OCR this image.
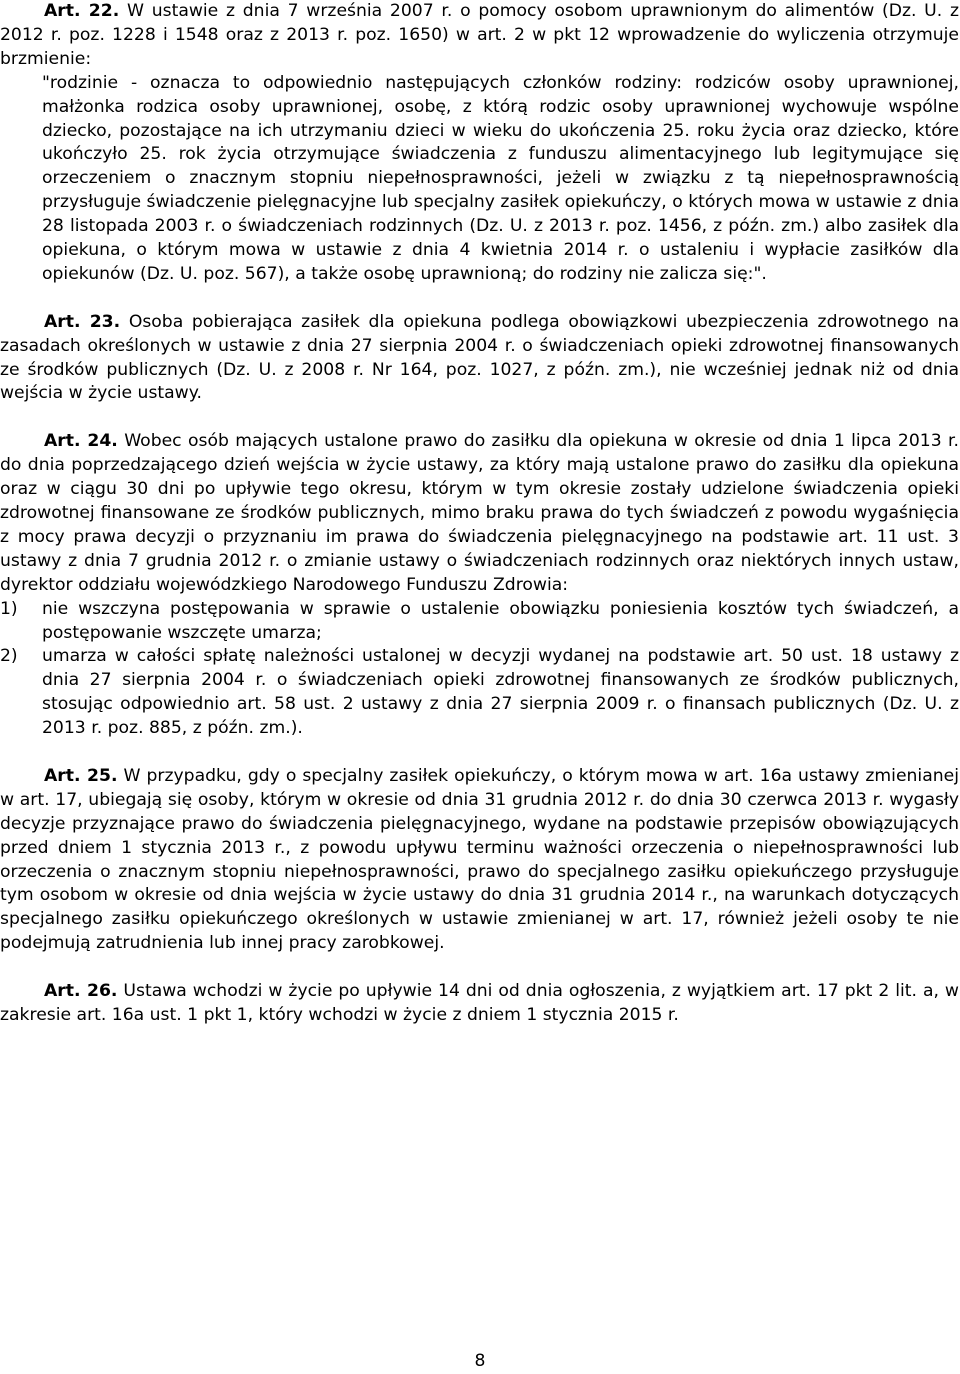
Art. 22. W ustawie z dnia 7 września 2007 r. o pomocy osobom uprawnionym do alimentów (Dz. U. z 2012 r. poz. 1228 i 1548 oraz z 2013 r. poz. 1650) w art. 2 w pkt 12 wprowadzenie do wyliczenia otrzymuje brzmienie:

"rodzinie - oznacza to odpowiednio następujących członków rodziny: rodziców osoby uprawnionej, małżonka rodzica osoby uprawnionej, osobę, z którą rodzic osoby uprawnionej wychowuje wspólne dziecko, pozostające na ich utrzymaniu dzieci w wieku do ukończenia 25. roku życia oraz dziecko, które ukończyło 25. rok życia otrzymujące świadczenia z funduszu alimentacyjnego lub legitymujące się orzeczeniem o znacznym stopniu niepełnosprawności, jeżeli w związku z tą niepełnosprawnością przysługuje świadczenie pielęgnacyjne lub specjalny zasiłek opiekuńczy, o których mowa w ustawie z dnia 28 listopada 2003 r. o świadczeniach rodzinnych (Dz. U. z 2013 r. poz. 1456, z późn. zm.) albo zasiłek dla opiekuna, o którym mowa w ustawie z dnia 4 kwietnia 2014 r. o ustaleniu i wypłacie zasiłków dla opiekunów (Dz. U. poz. 567), a także osobę uprawnioną; do rodziny nie zalicza się:".

Art. 23. Osoba pobierająca zasiłek dla opiekuna podlega obowiązkowi ubezpieczenia zdrowotnego na zasadach określonych w ustawie z dnia 27 sierpnia 2004 r. o świadczeniach opieki zdrowotnej finansowanych ze środków publicznych (Dz. U. z 2008 r. Nr 164, poz. 1027, z późn. zm.), nie wcześniej jednak niż od dnia wejścia w życie ustawy.

Art. 24. Wobec osób mających ustalone prawo do zasiłku dla opiekuna w okresie od dnia 1 lipca 2013 r. do dnia poprzedzającego dzień wejścia w życie ustawy, za który mają ustalone prawo do zasiłku dla opiekuna oraz w ciągu 30 dni po upływie tego okresu, którym w tym okresie zostały udzielone świadczenia opieki zdrowotnej finansowane ze środków publicznych, mimo braku prawa do tych świadczeń z powodu wygaśnięcia z mocy prawa decyzji o przyznaniu im prawa do świadczenia pielęgnacyjnego na podstawie art. 11 ust. 3 ustawy z dnia 7 grudnia 2012 r. o zmianie ustawy o świadczeniach rodzinnych oraz niektórych innych ustaw, dyrektor oddziału wojewódzkiego Narodowego Funduszu Zdrowia:

1)	nie wszczyna postępowania w sprawie o ustalenie obowiązku poniesienia kosztów tych świadczeń, a postępowanie wszczęte umarza;
2)	umarza w całości spłatę należności ustalonej w decyzji wydanej na podstawie art. 50 ust. 18 ustawy z dnia 27 sierpnia 2004 r. o świadczeniach opieki zdrowotnej finansowanych ze środków publicznych, stosując odpowiednio art. 58 ust. 2 ustawy z dnia 27 sierpnia 2009 r. o finansach publicznych (Dz. U. z 2013 r. poz. 885, z późn. zm.).

Art. 25. W przypadku, gdy o specjalny zasiłek opiekuńczy, o którym mowa w art. 16a ustawy zmienianej w art. 17, ubiegają się osoby, którym w okresie od dnia 31 grudnia 2012 r. do dnia 30 czerwca 2013 r. wygasły decyzje przyznające prawo do świadczenia pielęgnacyjnego, wydane na podstawie przepisów obowiązujących przed dniem 1 stycznia 2013 r., z powodu upływu terminu ważności orzeczenia o niepełnosprawności lub orzeczenia o znacznym stopniu niepełnosprawności, prawo do specjalnego zasiłku opiekuńczego przysługuje tym osobom w okresie od dnia wejścia w życie ustawy do dnia 31 grudnia 2014 r., na warunkach dotyczących specjalnego zasiłku opiekuńczego określonych w ustawie zmienianej w art. 17, również jeżeli osoby te nie podejmują zatrudnienia lub innej pracy zarobkowej.

Art. 26. Ustawa wchodzi w życie po upływie 14 dni od dnia ogłoszenia, z wyjątkiem art. 17 pkt 2 lit. a, w zakresie art. 16a ust. 1 pkt 1, który wchodzi w życie z dniem 1 stycznia 2015 r.

8
